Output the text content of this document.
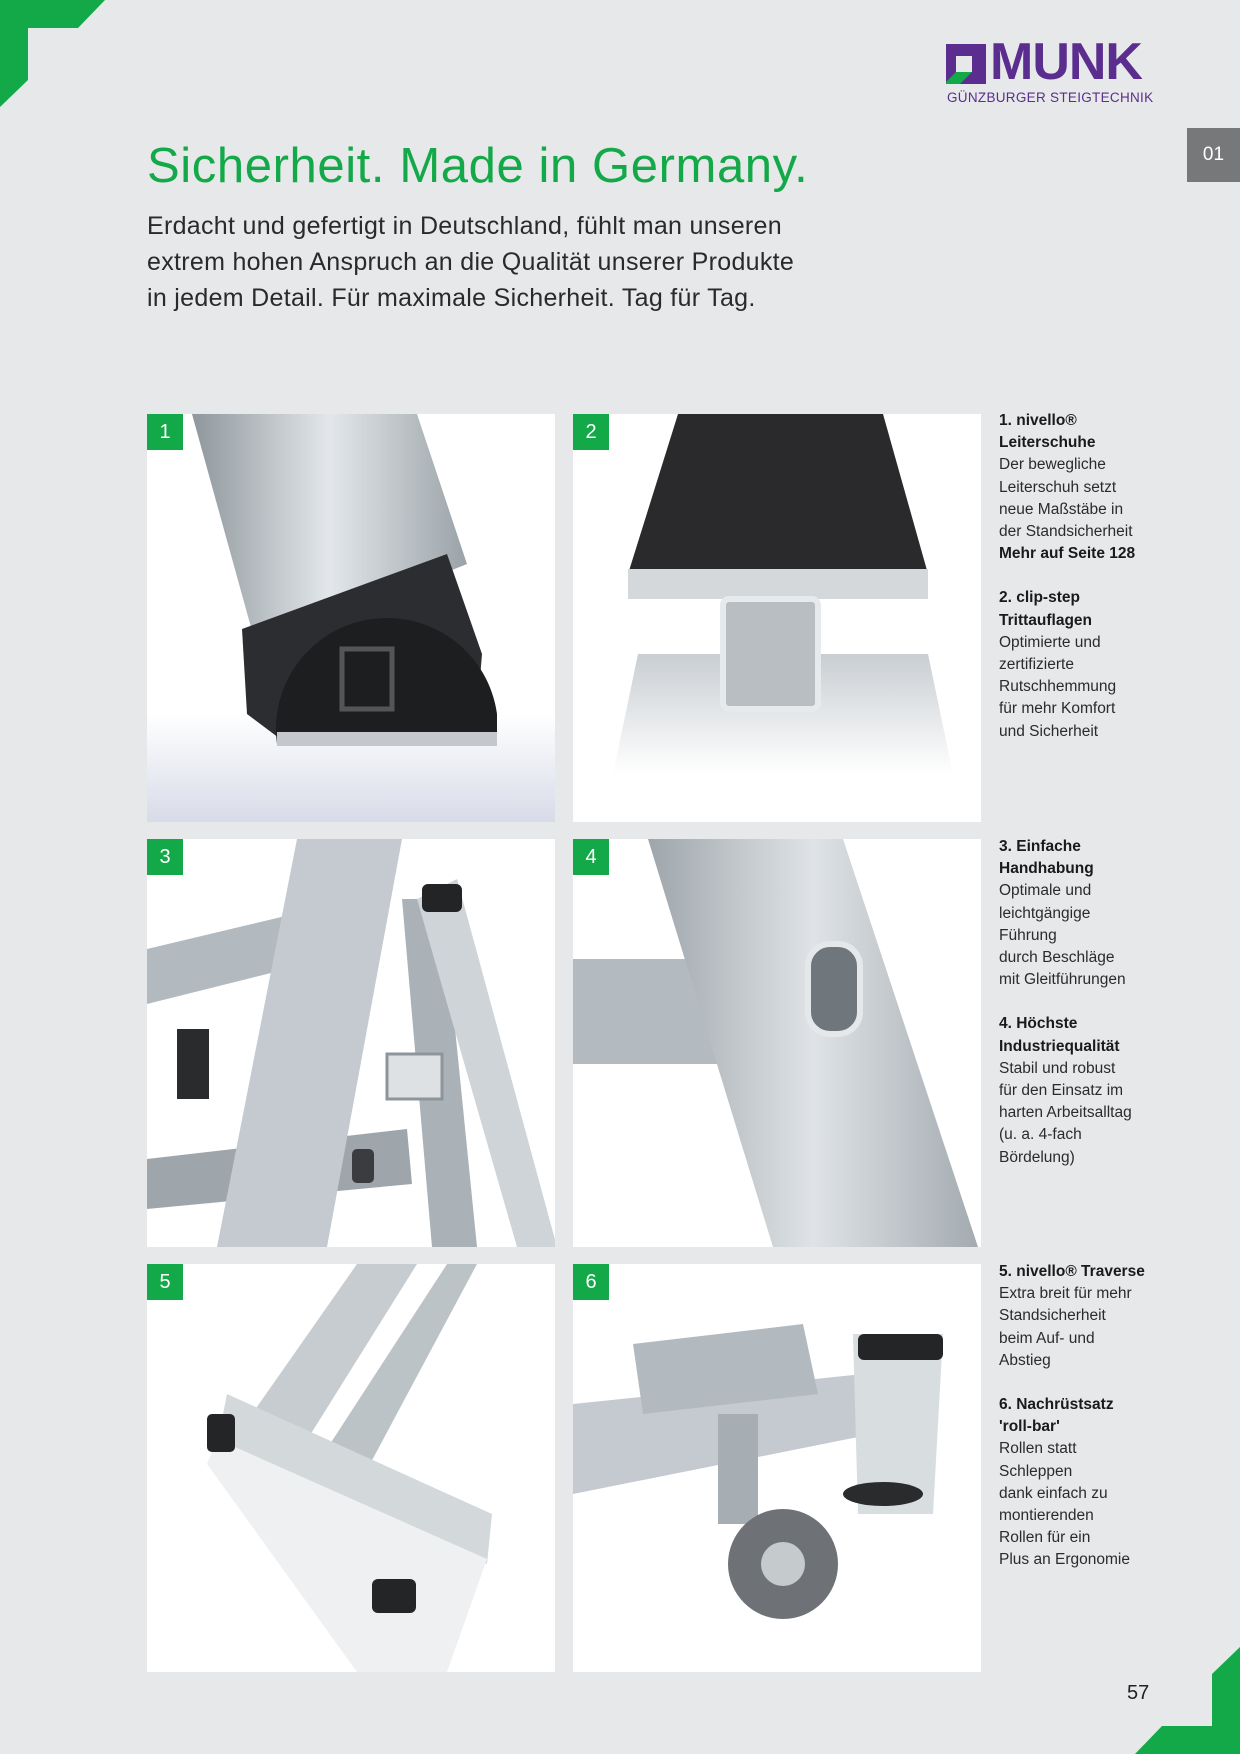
MUNK
GÜNZBURGER STEIGTECHNIK
01
Sicherheit. Made in Germany.
Erdacht und gefertigt in Deutschland, fühlt man unseren
extrem hohen Anspruch an die Qualität unserer Produkte
in jedem Detail. Für maximale Sicherheit. Tag für Tag.
1	2
3	4
5	6
1. nivello®
Leiterschuhe
Der bewegliche
Leiterschuh setzt
neue Maßstäbe in
der Standsicherheit
Mehr auf Seite 128
2. clip-step
Trittauflagen
Optimierte und
zertifizierte
Rutschhemmung
für mehr Komfort
und Sicherheit
3. Einfache
Handhabung
Optimale und
leichtgängige
Führung
durch Beschläge
mit Gleitführungen
4. Höchste
Industriequalität
Stabil und robust
für den Einsatz im
harten Arbeitsalltag
(u. a. 4-fach
Bördelung)
5. nivello® Traverse
Extra breit für mehr
Standsicherheit
beim Auf- und
Abstieg
6. Nachrüstsatz
'roll-bar'
Rollen statt
Schleppen
dank einfach zu
montierenden
Rollen für ein
Plus an Ergonomie
57
